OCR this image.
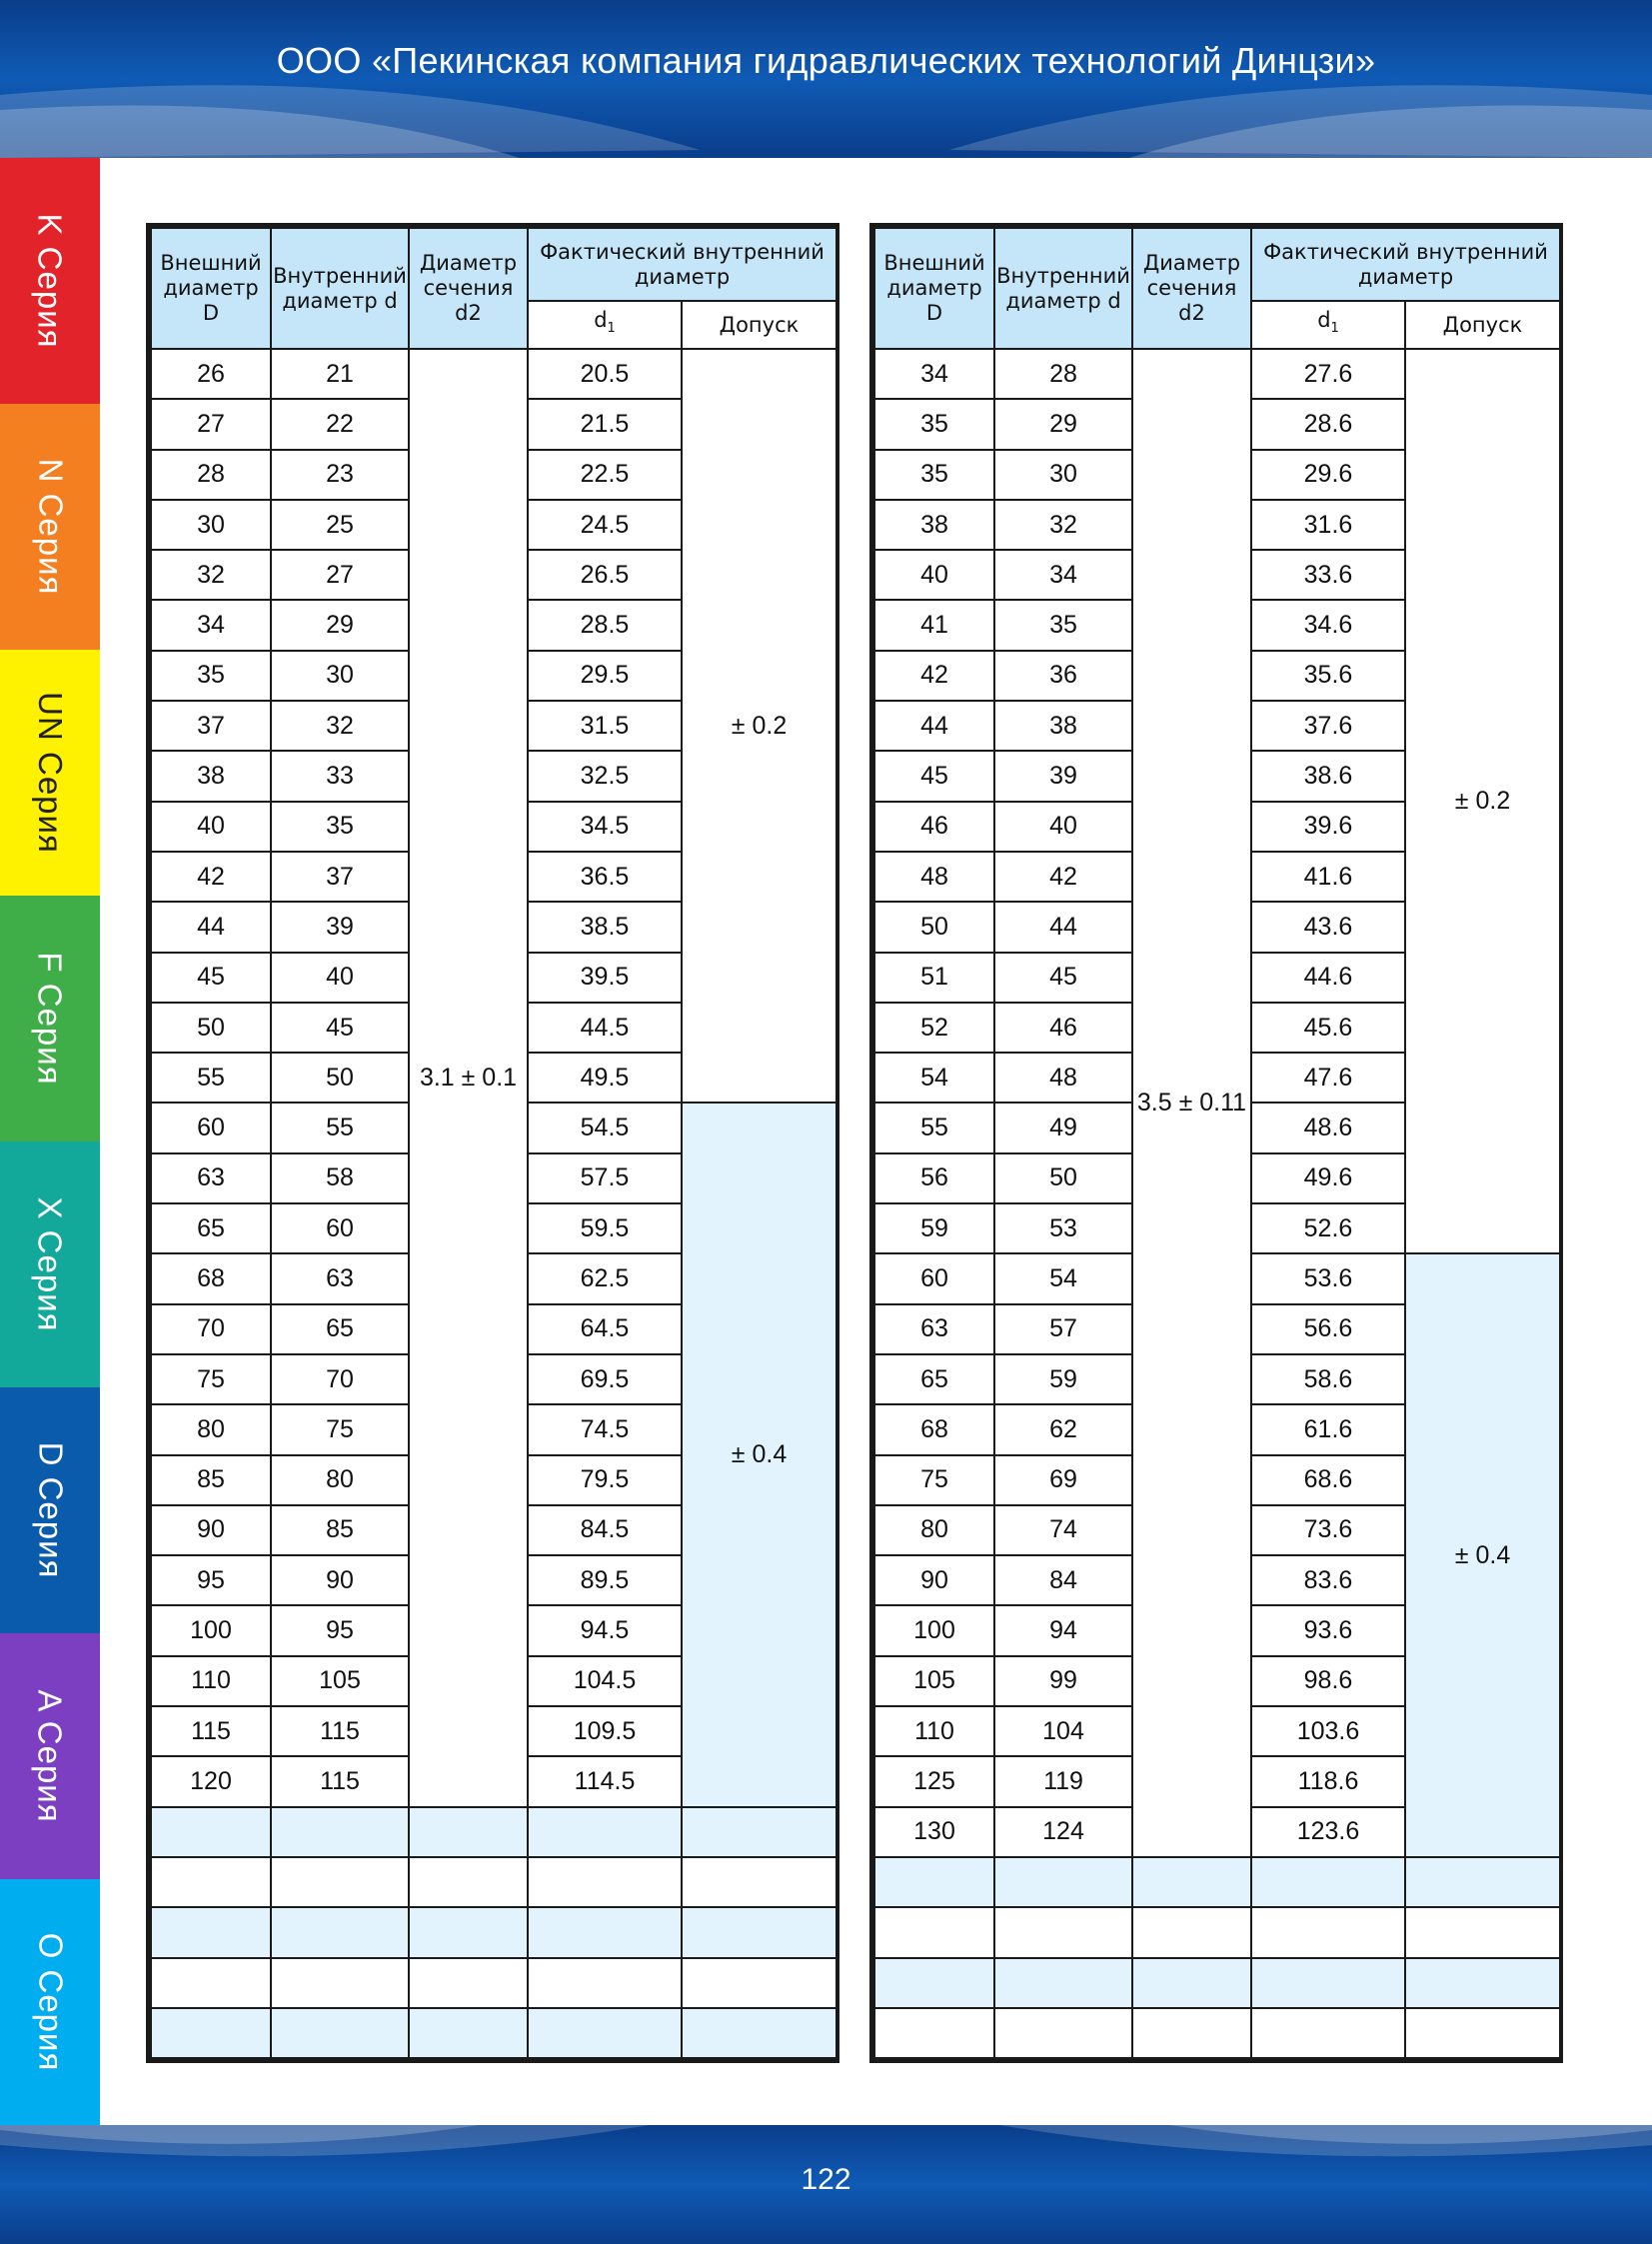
ООО «Пекинская компания гидравлических технологий Динцзи»
K Серия
N Серия
UN Серия
F Серия
X Серия
D Серия
A Серия
O Серия
Внешний диаметр D	Внутренний диаметр d	Диаметр сечения d2	Фактический внутренний диаметр	
			$d_1$	Допуск
26	21	3.1 ± 0.1	20.5	± 0.2
27	22		21.5	
28	23		22.5	
30	25		24.5	
32	27		26.5	
34	29		28.5	
35	30		29.5	
37	32		31.5	
38	33		32.5	
40	35		34.5	
42	37		36.5	
44	39		38.5	
45	40		39.5	
50	45		44.5	
55	50		49.5	
60	55		54.5	± 0.4
63	58		57.5	
65	60		59.5	
68	63		62.5	
70	65		64.5	
75	70		69.5	
80	75		74.5	
85	80		79.5	
90	85		84.5	
95	90		89.5	
100	95		94.5	
110	105		104.5	
115	115		109.5	
120	115		114.5	

Внешний диаметр D	Внутренний диаметр d	Диаметр сечения d2	Фактический внутренний диаметр	
			$d_1$	Допуск
34	28	3.5 ± 0.11	27.6	± 0.2
35	29		28.6	
35	30		29.6	
38	32		31.6	
40	34		33.6	
41	35		34.6	
42	36		35.6	
44	38		37.6	
45	39		38.6	
46	40		39.6	
48	42		41.6	
50	44		43.6	
51	45		44.6	
52	46		45.6	
54	48		47.6	
55	49		48.6	
56	50		49.6	
59	53		52.6	
60	54		53.6	± 0.4
63	57		56.6	
65	59		58.6	
68	62		61.6	
75	69		68.6	
80	74		73.6	
90	84		83.6	
100	94		93.6	
105	99		98.6	
110	104		103.6	
125	119		118.6	
130	124		123.6	

122
